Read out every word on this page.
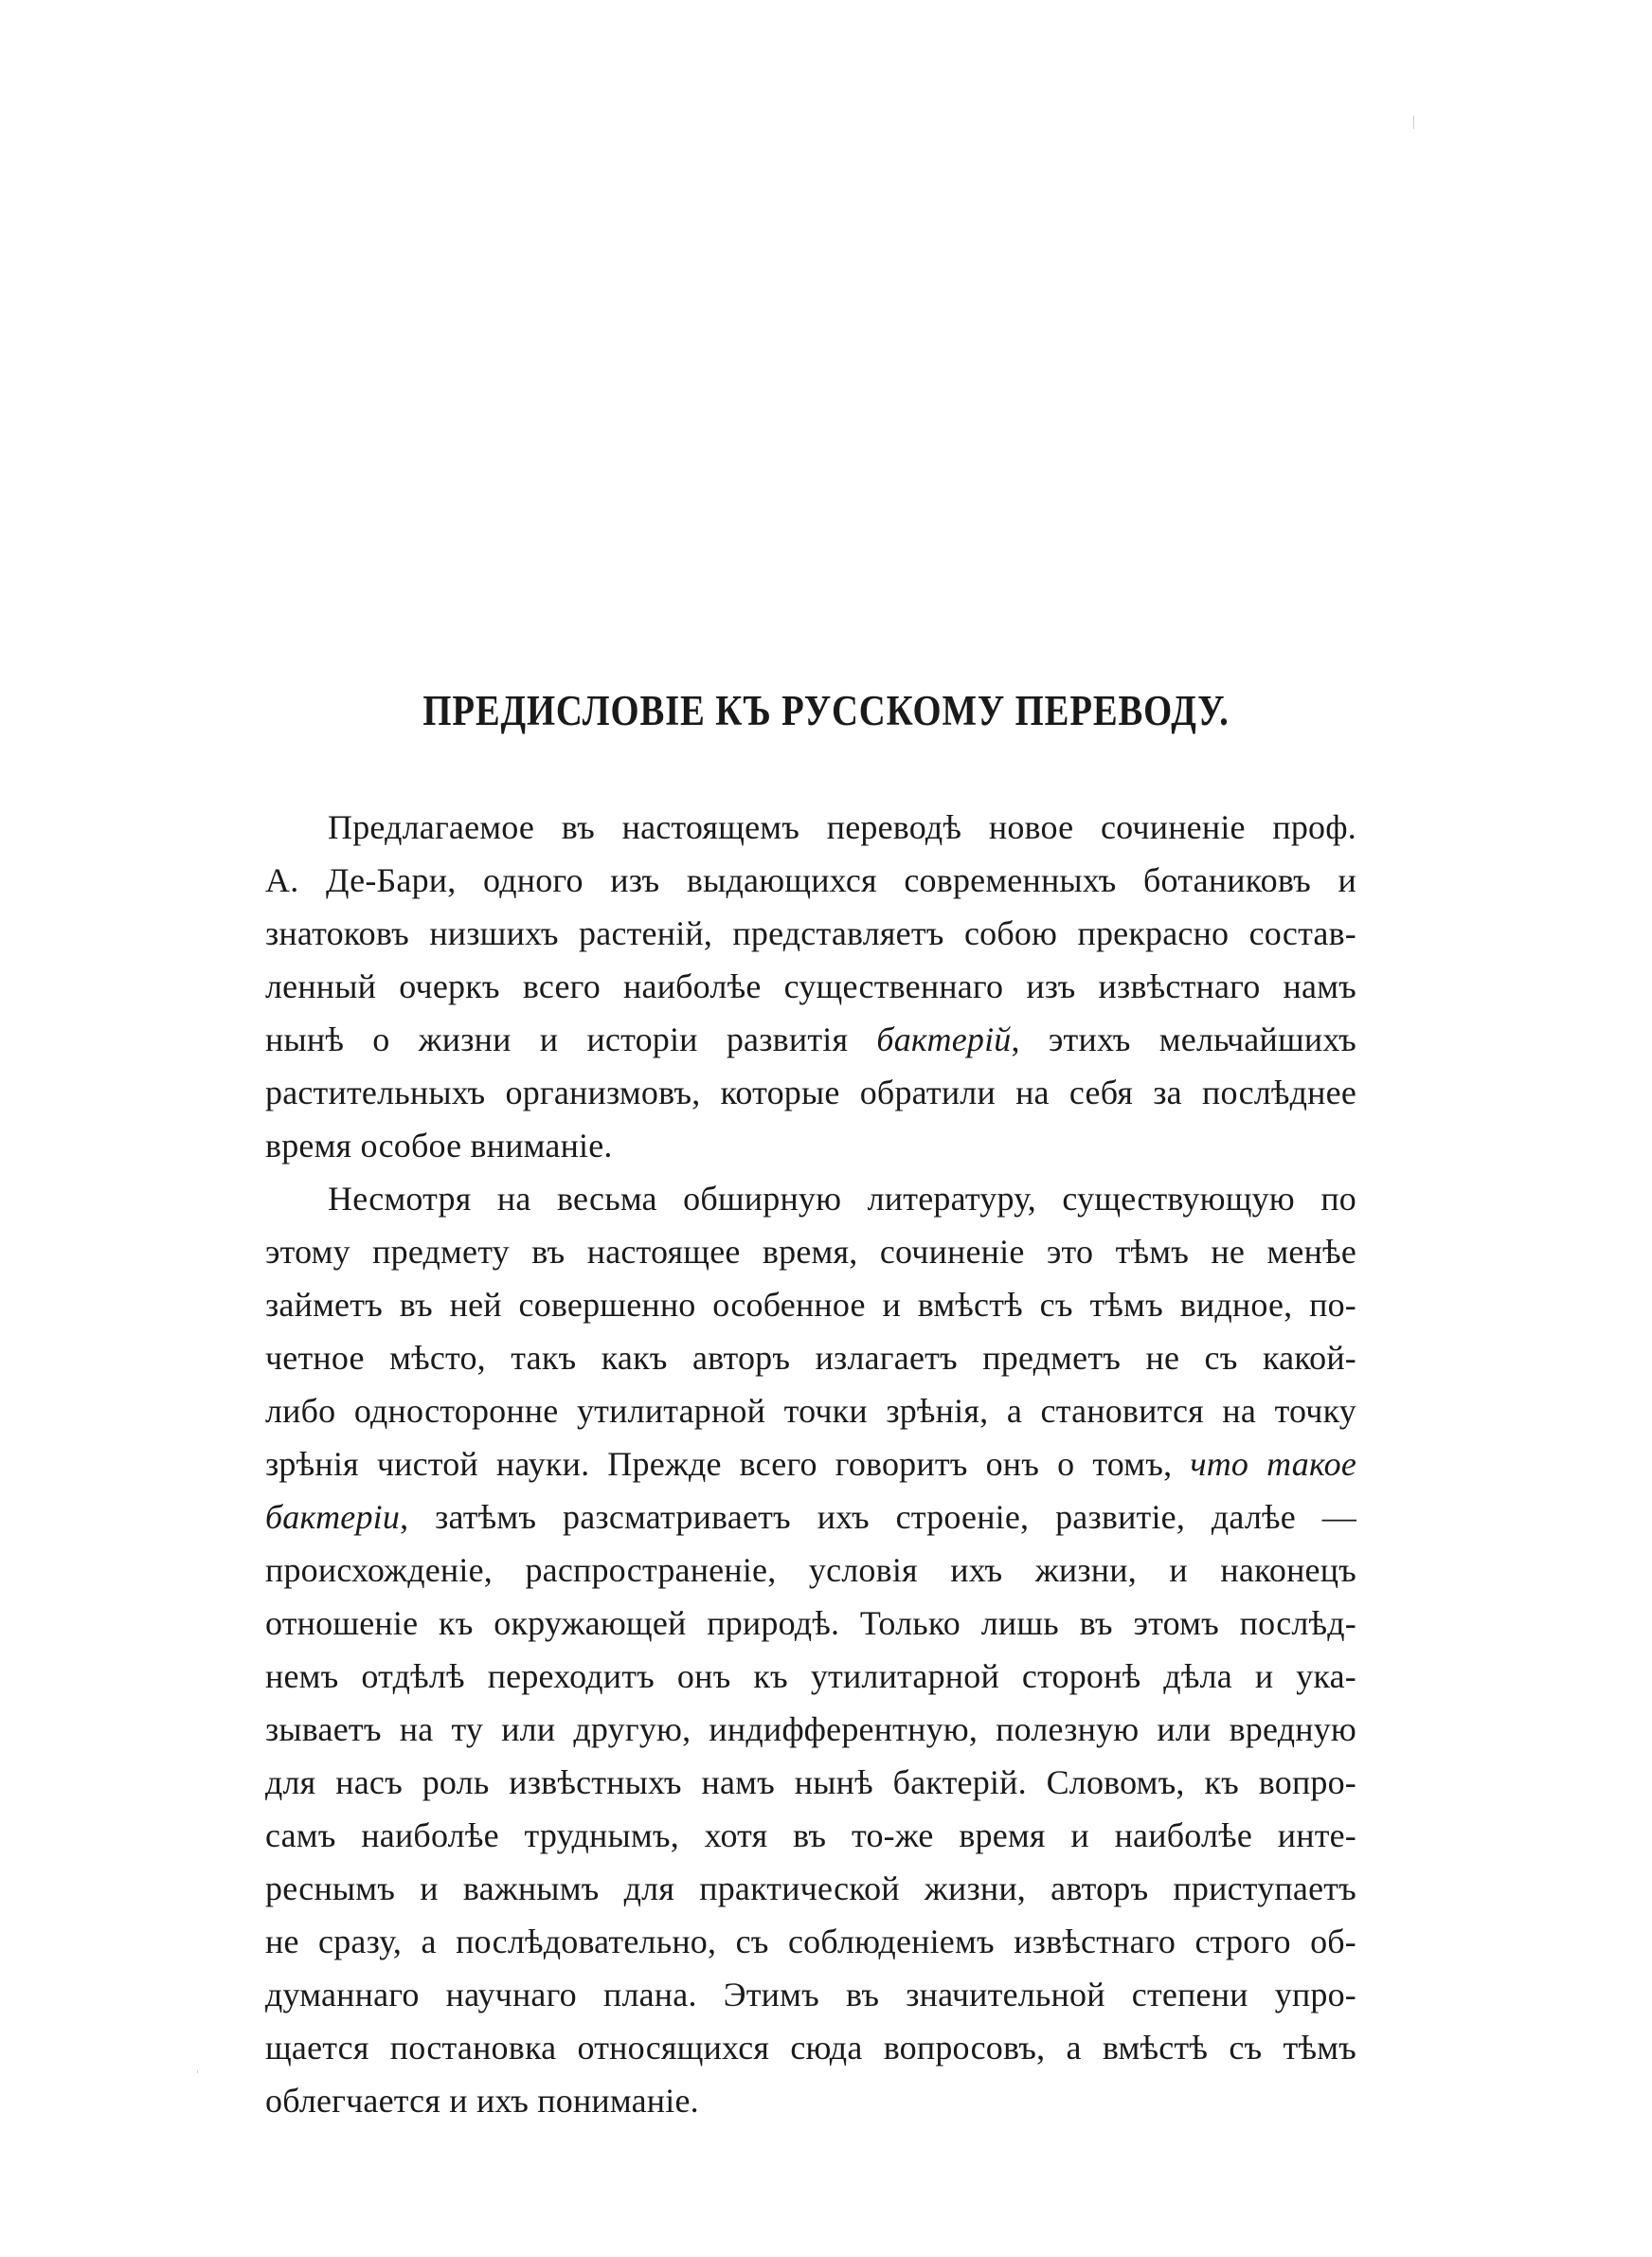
ПРЕДИСЛОВІЕ КЪ РУССКОМУ ПЕРЕВОДУ.
Предлагаемое въ настоящемъ переводѣ новое сочиненіе проф.
А. Де-Бари, одного изъ выдающихся современныхъ ботаниковъ и
знатоковъ низшихъ растеній, представляетъ собою прекрасно состав-
ленный очеркъ всего наиболѣе существеннаго изъ извѣстнаго намъ
нынѣ о жизни и исторіи развитія бактерій, этихъ мельчайшихъ
растительныхъ организмовъ, которые обратили на себя за послѣднее
время особое вниманіе.
Несмотря на весьма обширную литературу, существующую по
этому предмету въ настоящее время, сочиненіе это тѣмъ не менѣе
займетъ въ ней совершенно особенное и вмѣстѣ съ тѣмъ видное, по-
четное мѣсто, такъ какъ авторъ излагаетъ предметъ не съ какой-
либо односторонне утилитарной точки зрѣнія, а становится на точку
зрѣнія чистой науки. Прежде всего говоритъ онъ о томъ, что такое
бактеріи, затѣмъ разсматриваетъ ихъ строеніе, развитіе, далѣе —
происхожденіе, распространеніе, условія ихъ жизни, и наконецъ
отношеніе къ окружающей природѣ. Только лишь въ этомъ послѣд-
немъ отдѣлѣ переходитъ онъ къ утилитарной сторонѣ дѣла и ука-
зываетъ на ту или другую, индифферентную, полезную или вредную
для насъ роль извѣстныхъ намъ нынѣ бактерій. Словомъ, къ вопро-
самъ наиболѣе труднымъ, хотя въ то-же время и наиболѣе инте-
реснымъ и важнымъ для практической жизни, авторъ приступаетъ
не сразу, а послѣдовательно, съ соблюденіемъ извѣстнаго строго об-
думаннаго научнаго плана. Этимъ въ значительной степени упро-
щается постановка относящихся сюда вопросовъ, а вмѣстѣ съ тѣмъ
облегчается и ихъ пониманіе.
